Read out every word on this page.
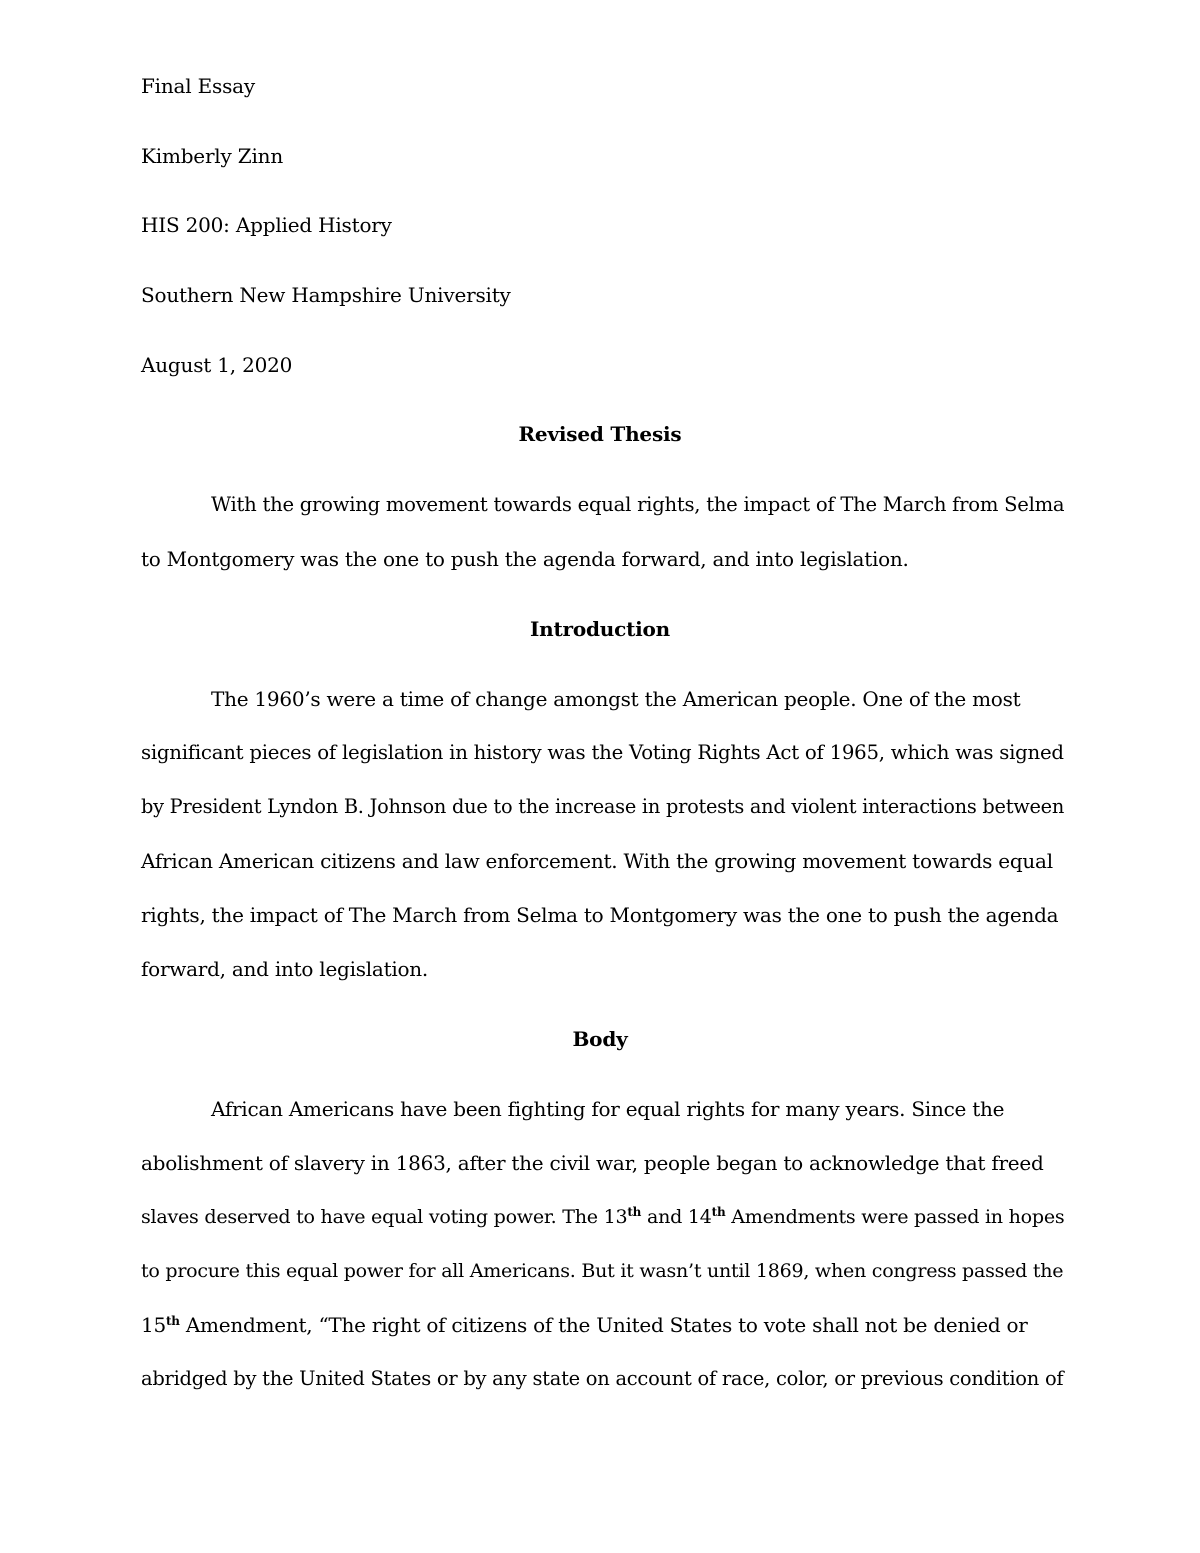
Final Essay
Kimberly Zinn
HIS 200: Applied History
Southern New Hampshire University
August 1, 2020
Revised Thesis
With the growing movement towards equal rights, the impact of The March from Selma
to Montgomery was the one to push the agenda forward, and into legislation.
Introduction
The 1960’s were a time of change amongst the American people. One of the most
significant pieces of legislation in history was the Voting Rights Act of 1965, which was signed
by President Lyndon B. Johnson due to the increase in protests and violent interactions between
African American citizens and law enforcement. With the growing movement towards equal
rights, the impact of The March from Selma to Montgomery was the one to push the agenda
forward, and into legislation.
Body
African Americans have been fighting for equal rights for many years. Since the
abolishment of slavery in 1863, after the civil war, people began to acknowledge that freed
slaves deserved to have equal voting power. The 13th and 14th Amendments were passed in hopes
to procure this equal power for all Americans. But it wasn’t until 1869, when congress passed the
15th Amendment, “The right of citizens of the United States to vote shall not be denied or
abridged by the United States or by any state on account of race, color, or previous condition of
